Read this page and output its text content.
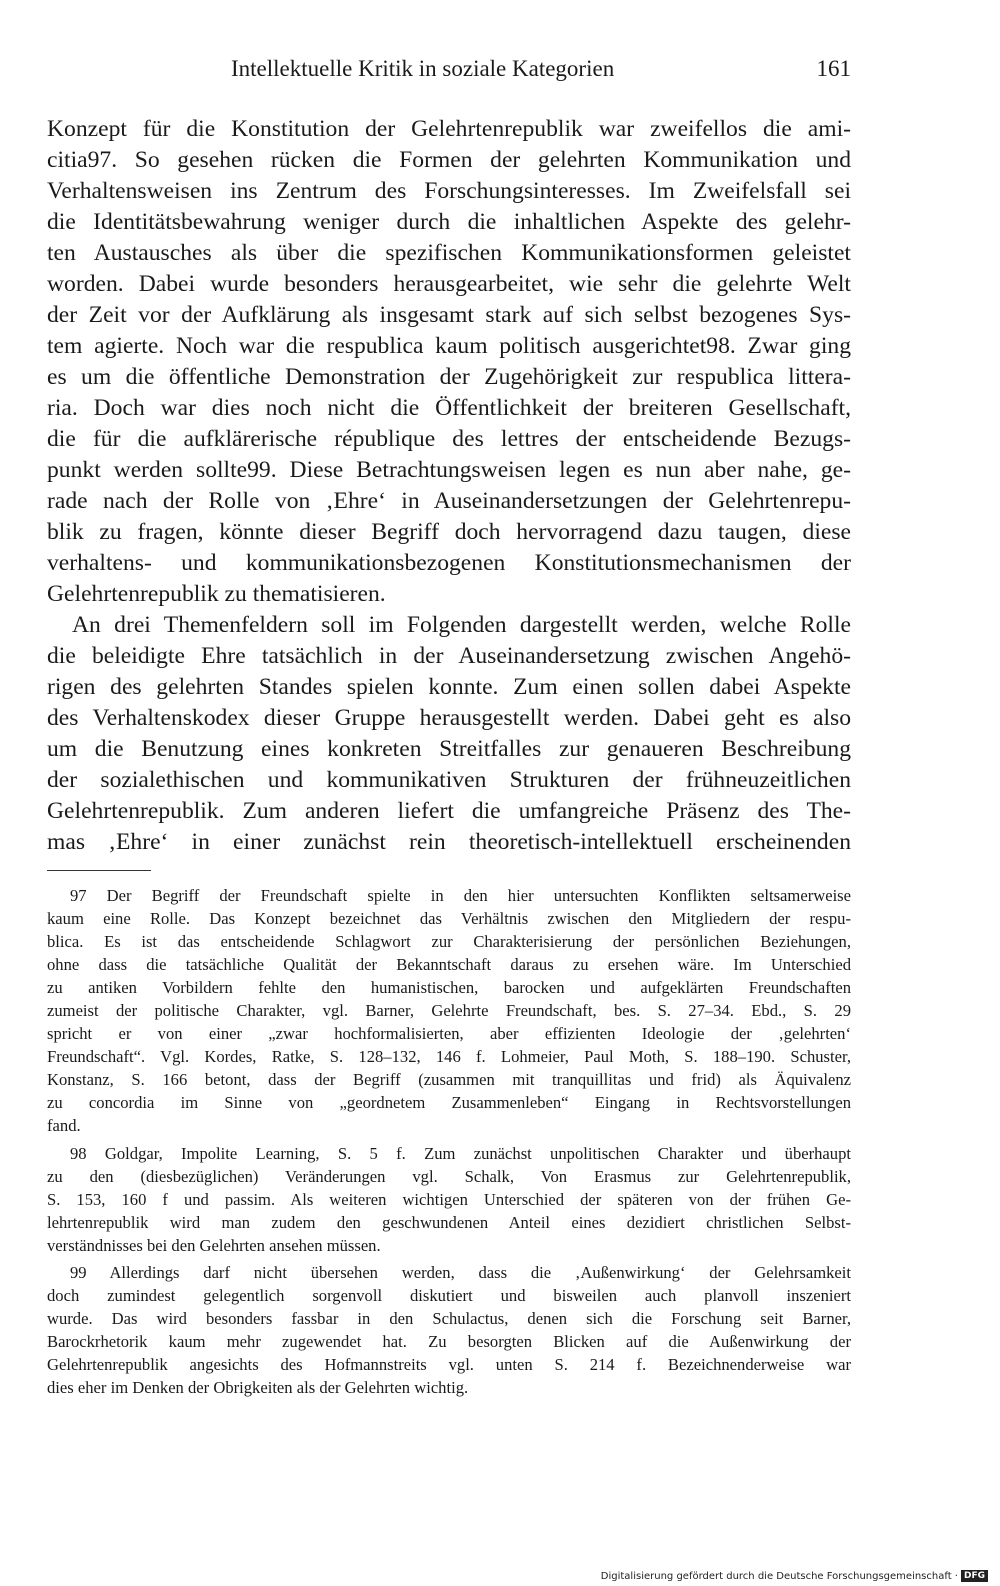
Intellektuelle Kritik in soziale Kategorien	161
Konzept für die Konstitution der Gelehrtenrepublik war zweifellos die ami-
citia97. So gesehen rücken die Formen der gelehrten Kommunikation und
Verhaltensweisen ins Zentrum des Forschungsinteresses. Im Zweifelsfall sei
die Identitätsbewahrung weniger durch die inhaltlichen Aspekte des gelehr-
ten Austausches als über die spezifischen Kommunikationsformen geleistet
worden. Dabei wurde besonders herausgearbeitet, wie sehr die gelehrte Welt
der Zeit vor der Aufklärung als insgesamt stark auf sich selbst bezogenes Sys-
tem agierte. Noch war die respublica kaum politisch ausgerichtet98. Zwar ging
es um die öffentliche Demonstration der Zugehörigkeit zur respublica littera-
ria. Doch war dies noch nicht die Öffentlichkeit der breiteren Gesellschaft,
die für die aufklärerische république des lettres der entscheidende Bezugs-
punkt werden sollte99. Diese Betrachtungsweisen legen es nun aber nahe, ge-
rade nach der Rolle von ‚Ehre‘ in Auseinandersetzungen der Gelehrtenrepu-
blik zu fragen, könnte dieser Begriff doch hervorragend dazu taugen, diese
verhaltens- und kommunikationsbezogenen Konstitutionsmechanismen der
Gelehrtenrepublik zu thematisieren.
An drei Themenfeldern soll im Folgenden dargestellt werden, welche Rolle
die beleidigte Ehre tatsächlich in der Auseinandersetzung zwischen Angehö-
rigen des gelehrten Standes spielen konnte. Zum einen sollen dabei Aspekte
des Verhaltenskodex dieser Gruppe herausgestellt werden. Dabei geht es also
um die Benutzung eines konkreten Streitfalles zur genaueren Beschreibung
der sozialethischen und kommunikativen Strukturen der frühneuzeitlichen
Gelehrtenrepublik. Zum anderen liefert die umfangreiche Präsenz des The-
mas ‚Ehre‘ in einer zunächst rein theoretisch-intellektuell erscheinenden
97 Der Begriff der Freundschaft spielte in den hier untersuchten Konflikten seltsamerweise
kaum eine Rolle. Das Konzept bezeichnet das Verhältnis zwischen den Mitgliedern der respu-
blica. Es ist das entscheidende Schlagwort zur Charakterisierung der persönlichen Beziehungen,
ohne dass die tatsächliche Qualität der Bekanntschaft daraus zu ersehen wäre. Im Unterschied
zu antiken Vorbildern fehlte den humanistischen, barocken und aufgeklärten Freundschaften
zumeist der politische Charakter, vgl. Barner, Gelehrte Freundschaft, bes. S. 27–34. Ebd., S. 29
spricht er von einer „zwar hochformalisierten, aber effizienten Ideologie der ‚gelehrten‘
Freundschaft“. Vgl. Kordes, Ratke, S. 128–132, 146 f. Lohmeier, Paul Moth, S. 188–190. Schuster,
Konstanz, S. 166 betont, dass der Begriff (zusammen mit tranquillitas und frid) als Äquivalenz
zu concordia im Sinne von „geordnetem Zusammenleben“ Eingang in Rechtsvorstellungen
fand.
98 Goldgar, Impolite Learning, S. 5 f. Zum zunächst unpolitischen Charakter und überhaupt
zu den (diesbezüglichen) Veränderungen vgl. Schalk, Von Erasmus zur Gelehrtenrepublik,
S. 153, 160 f und passim. Als weiteren wichtigen Unterschied der späteren von der frühen Ge-
lehrtenrepublik wird man zudem den geschwundenen Anteil eines dezidiert christlichen Selbst-
verständnisses bei den Gelehrten ansehen müssen.
99 Allerdings darf nicht übersehen werden, dass die ‚Außenwirkung‘ der Gelehrsamkeit
doch zumindest gelegentlich sorgenvoll diskutiert und bisweilen auch planvoll inszeniert
wurde. Das wird besonders fassbar in den Schulactus, denen sich die Forschung seit Barner,
Barockrhetorik kaum mehr zugewendet hat. Zu besorgten Blicken auf die Außenwirkung der
Gelehrtenrepublik angesichts des Hofmannstreits vgl. unten S. 214 f. Bezeichnenderweise war
dies eher im Denken der Obrigkeiten als der Gelehrten wichtig.
Digitalisierung gefördert durch die Deutsche Forschungsgemeinschaft · DFG
